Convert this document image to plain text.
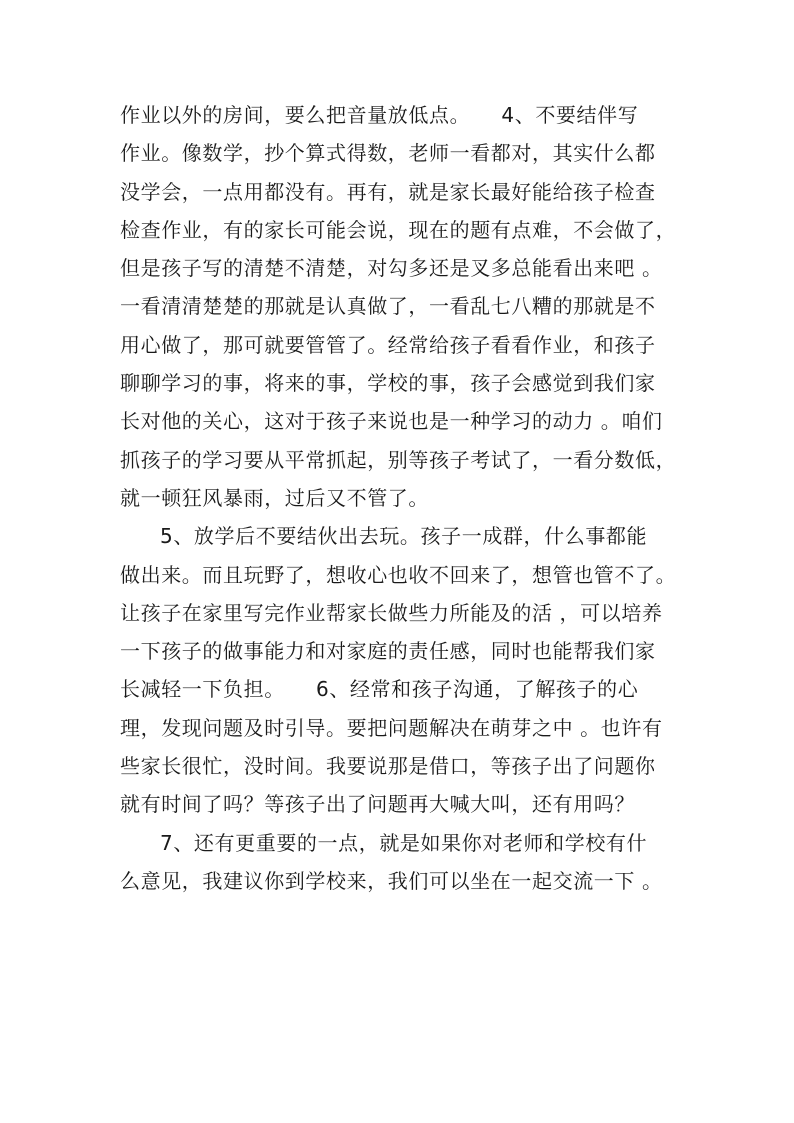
作业以外的房间，要么把音量放低点。　　4、不要结伴写
作业。像数学，抄个算式得数，老师一看都对，其实什么都
没学会，一点用都没有。再有，就是家长最好能给孩子检查
检查作业，有的家长可能会说，现在的题有点难，不会做了，
但是孩子写的清楚不清楚，对勾多还是叉多总能看出来吧 。
一看清清楚楚的那就是认真做了，一看乱七八糟的那就是不
用心做了，那可就要管管了。经常给孩子看看作业，和孩子
聊聊学习的事，将来的事，学校的事，孩子会感觉到我们家
长对他的关心，这对于孩子来说也是一种学习的动力 。咱们
抓孩子的学习要从平常抓起，别等孩子考试了，一看分数低，
就一顿狂风暴雨，过后又不管了。
5、放学后不要结伙出去玩。孩子一成群，什么事都能
做出来。而且玩野了，想收心也收不回来了，想管也管不了。
让孩子在家里写完作业帮家长做些力所能及的活 ，可以培养
一下孩子的做事能力和对家庭的责任感，同时也能帮我们家
长减轻一下负担。　　6、经常和孩子沟通，了解孩子的心
理，发现问题及时引导。要把问题解决在萌芽之中 。也许有
些家长很忙，没时间。我要说那是借口，等孩子出了问题你
就有时间了吗？等孩子出了问题再大喊大叫，还有用吗？
7、还有更重要的一点，就是如果你对老师和学校有什
么意见，我建议你到学校来，我们可以坐在一起交流一下 。
